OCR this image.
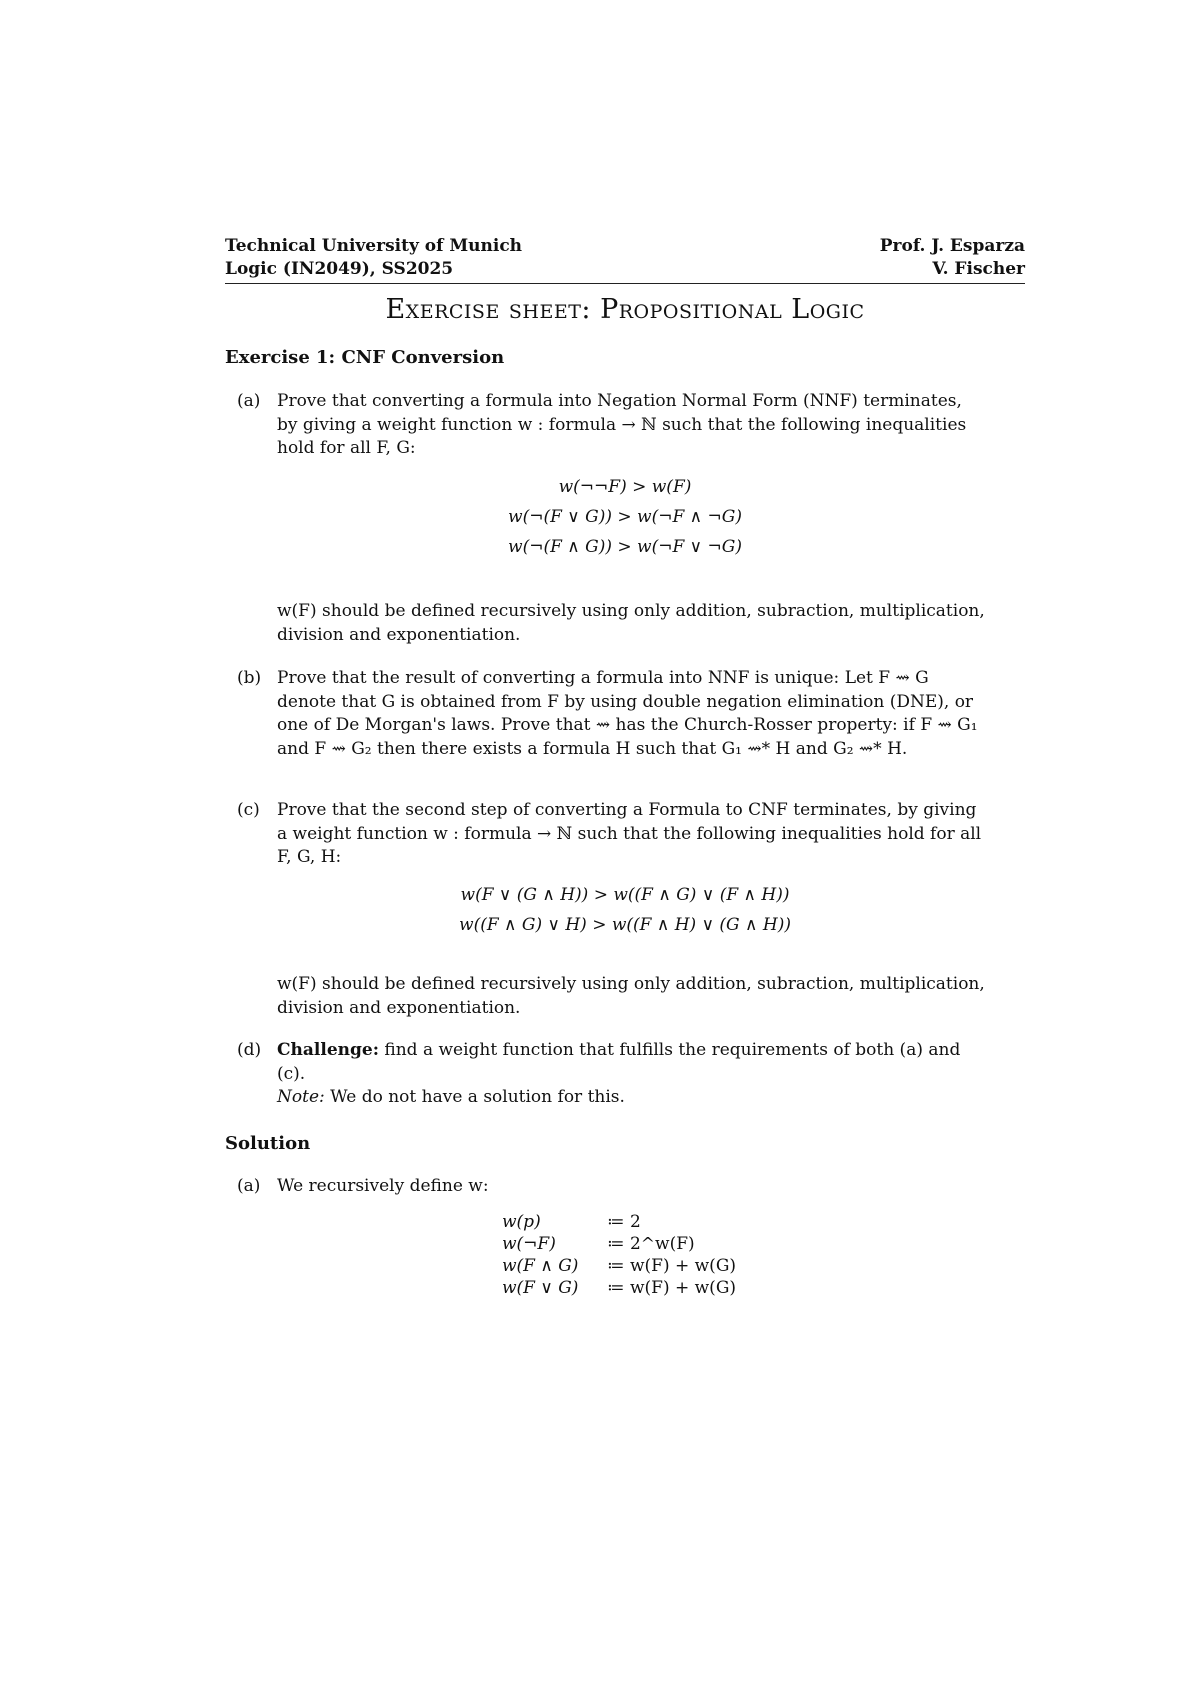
Technical University of Munich	Prof. J. Esparza
Logic (IN2049), SS2025	V. Fischer
Exercise sheet: Propositional Logic
Exercise 1: CNF Conversion
(a) Prove that converting a formula into Negation Normal Form (NNF) terminates, by giving a weight function w : formula → ℕ such that the following inequalities hold for all F, G:
w(¬¬F) > w(F)
w(¬(F ∨ G)) > w(¬F ∧ ¬G)
w(¬(F ∧ G)) > w(¬F ∨ ¬G)
w(F) should be defined recursively using only addition, subraction, multiplication, division and exponentiation.
(b) Prove that the result of converting a formula into NNF is unique: Let F ⇝ G denote that G is obtained from F by using double negation elimination (DNE), or one of De Morgan's laws. Prove that ⇝ has the Church-Rosser property: if F ⇝ G₁ and F ⇝ G₂ then there exists a formula H such that G₁ ⇝* H and G₂ ⇝* H.
(c) Prove that the second step of converting a Formula to CNF terminates, by giving a weight function w : formula → ℕ such that the following inequalities hold for all F, G, H:
w(F ∨ (G ∧ H)) > w((F ∧ G) ∨ (F ∧ H))
w((F ∧ G) ∨ H) > w((F ∧ H) ∨ (G ∧ H))
w(F) should be defined recursively using only addition, subraction, multiplication, division and exponentiation.
(d) Challenge: find a weight function that fulfills the requirements of both (a) and (c).
Note: We do not have a solution for this.
Solution
(a) We recursively define w:
w(p)	≔ 2
w(¬F)	≔ 2^w(F)
w(F ∧ G) ≔ w(F) + w(G)
w(F ∨ G) ≔ w(F) + w(G)
